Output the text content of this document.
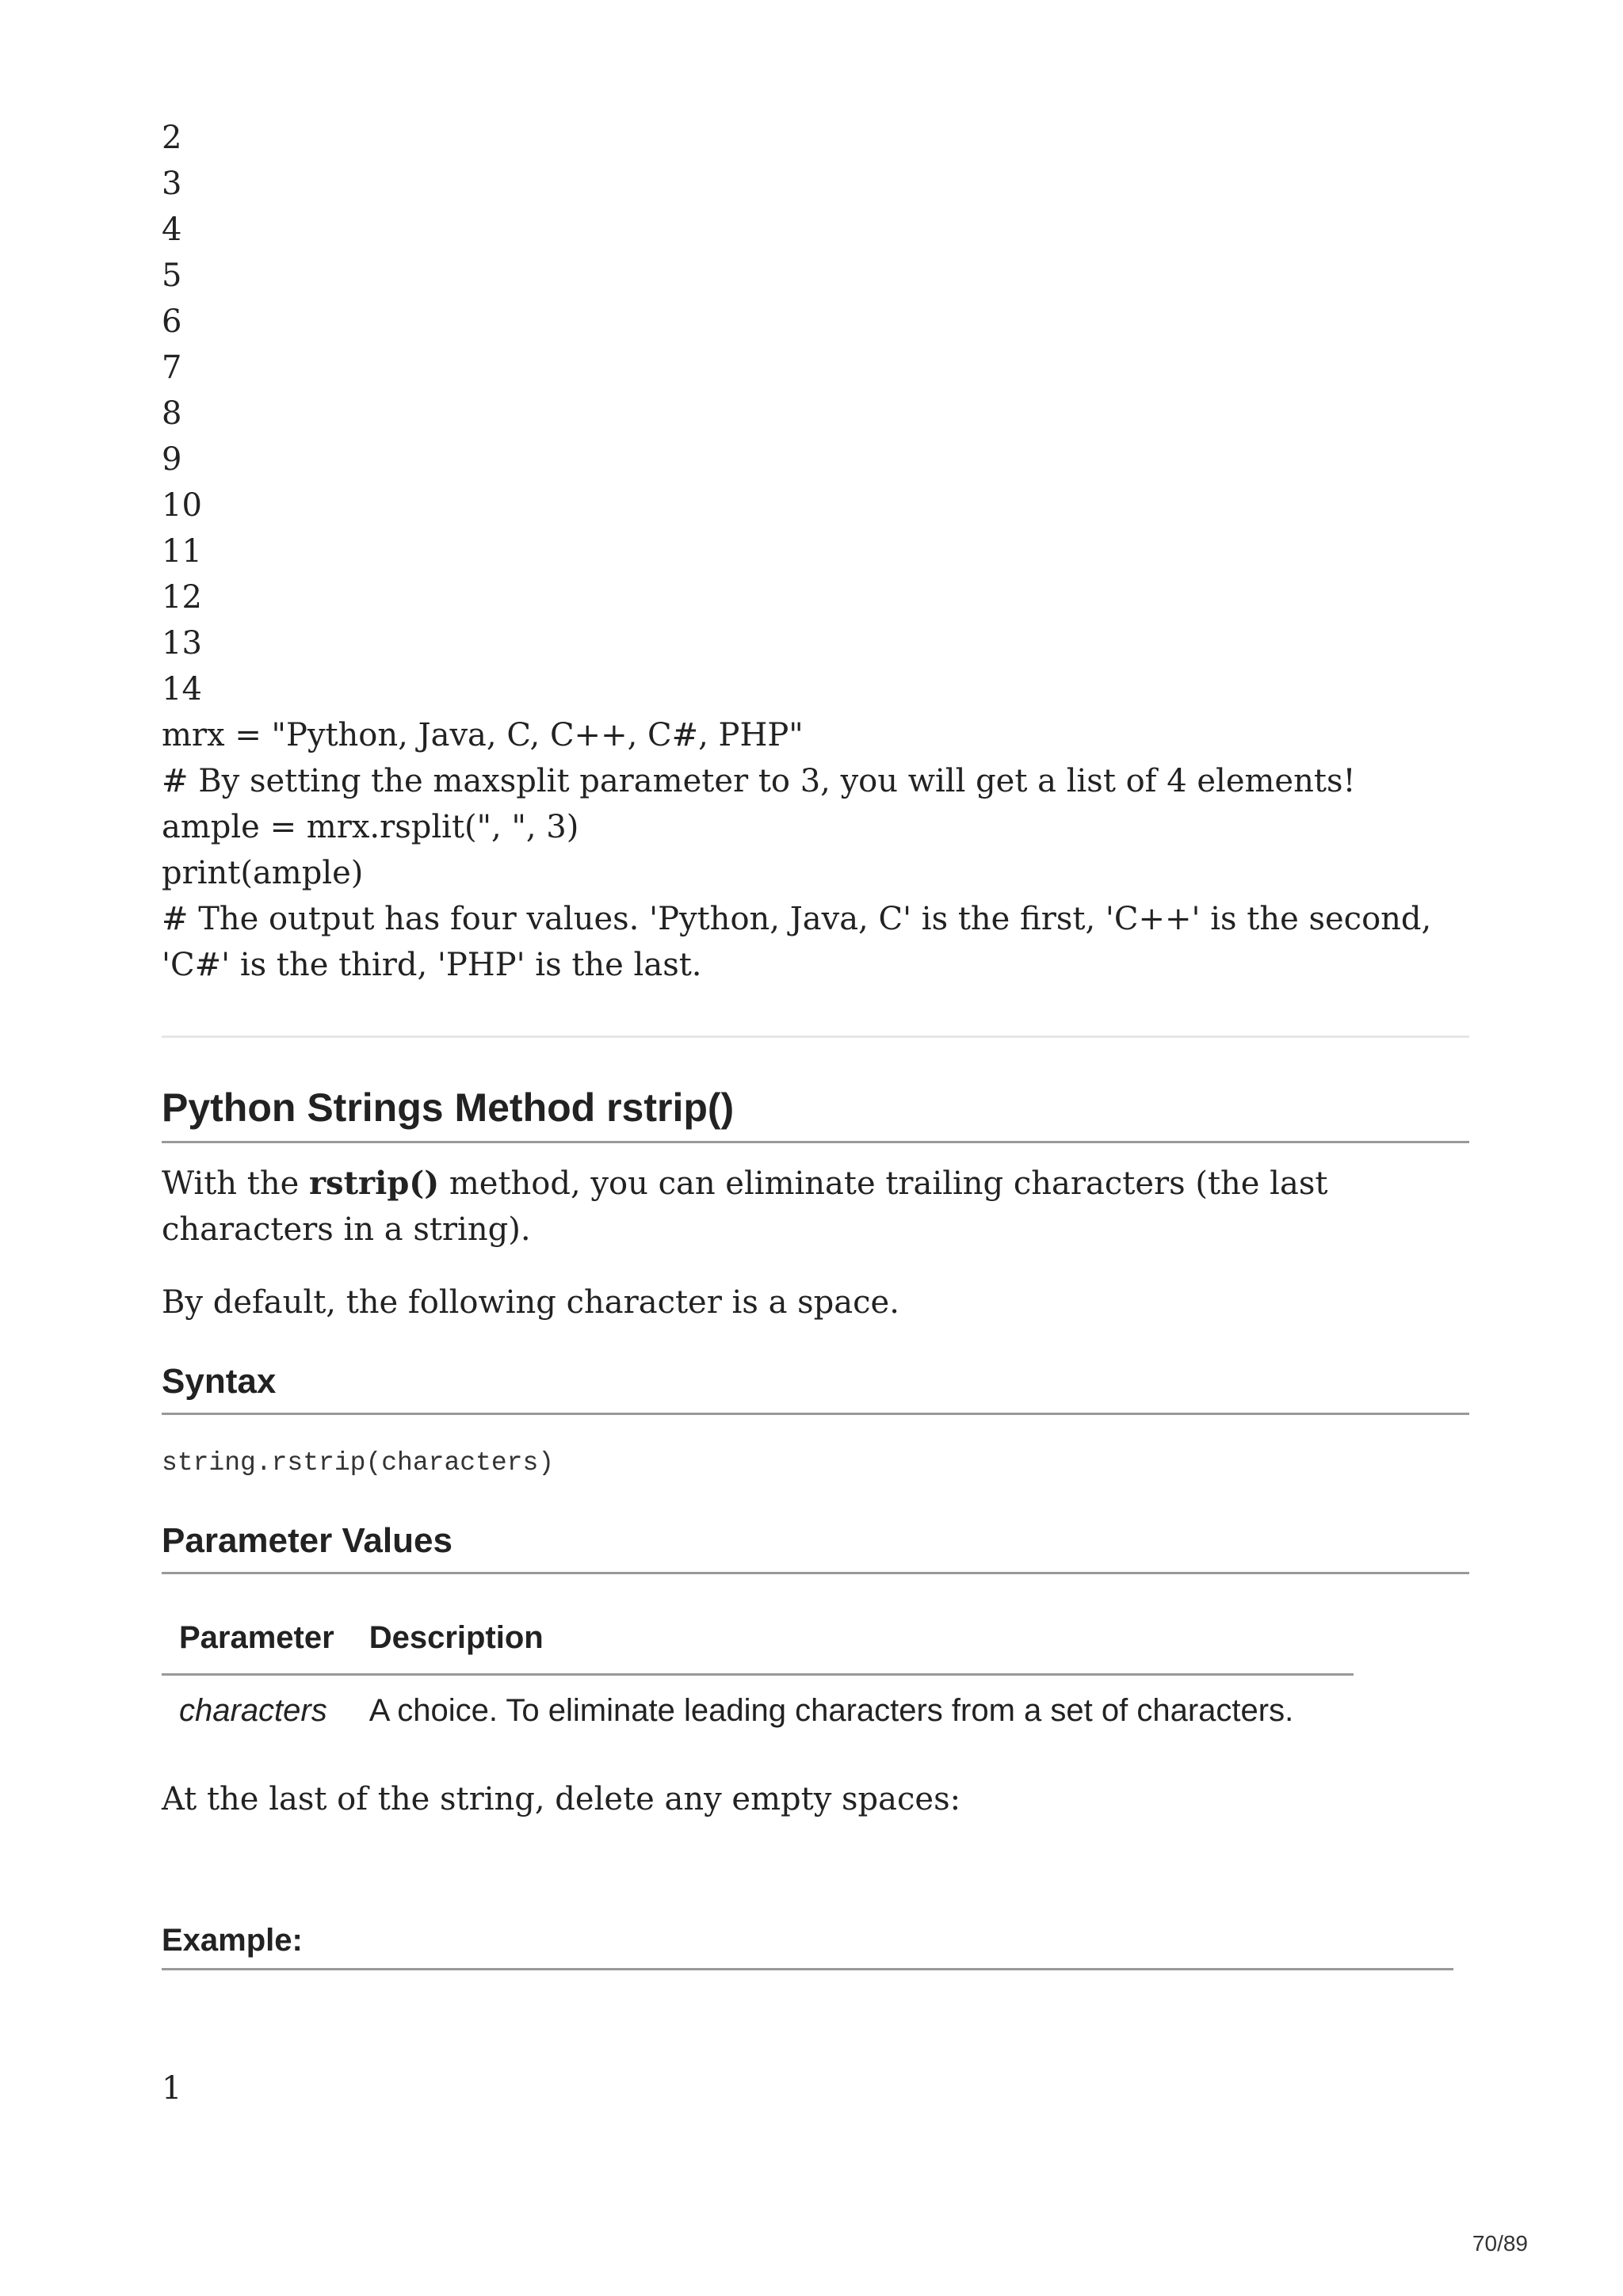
2
3
4
5
6
7
8
9
10
11
12
13
14
mrx = "Python, Java, C, C++, C#, PHP"
# By setting the maxsplit parameter to 3, you will get a list of 4 elements!
ample = mrx.rsplit(", ", 3)
print(ample)
# The output has four values. 'Python, Java, C' is the first, 'C++' is the second, 'C#' is the third, 'PHP' is the last.
Python Strings Method rstrip()

With the rstrip() method, you can eliminate trailing characters (the last characters in a string).

By default, the following character is a space.

Syntax
string.rstrip(characters)
Parameter Values
Parameter	Description
characters	A choice. To eliminate leading characters from a set of characters.

At the last of the string, delete any empty spaces:

Example:
1
70/89
